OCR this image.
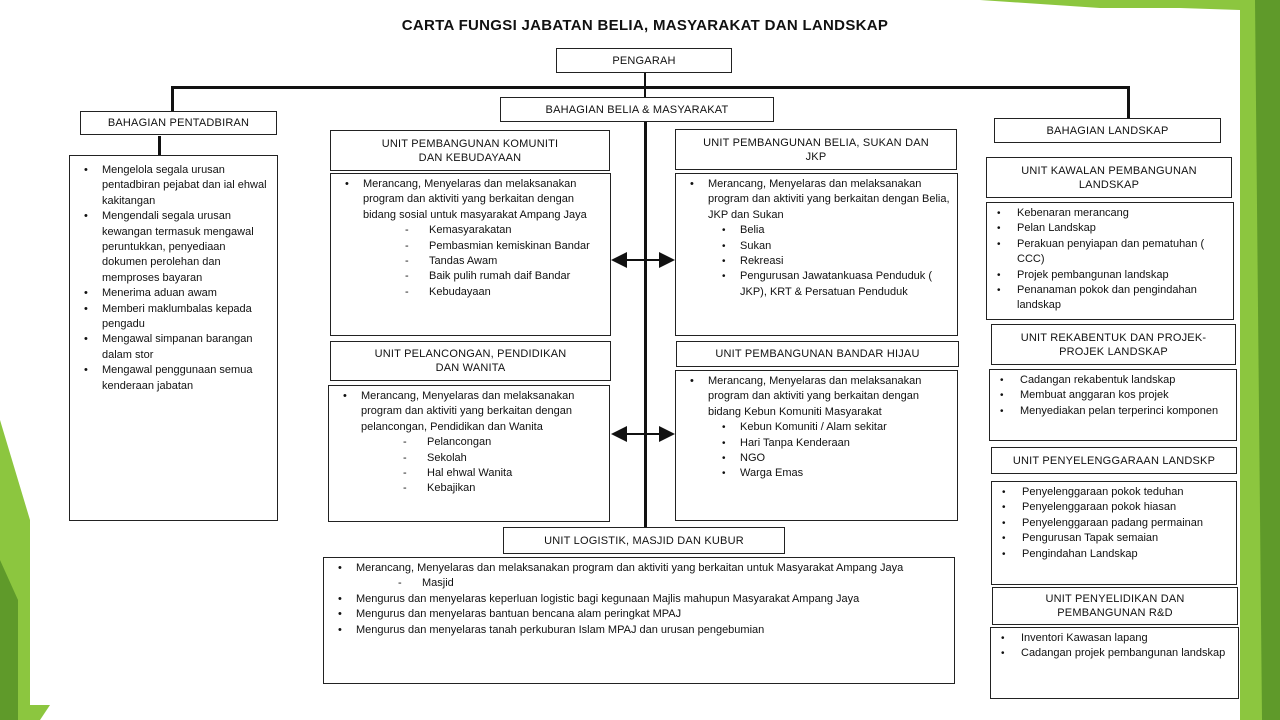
CARTA FUNGSI JABATAN BELIA, MASYARAKAT DAN LANDSKAP
PENGARAH
BAHAGIAN PENTADBIRAN
• Mengelola segala urusan pentadbiran pejabat dan ial ehwal kakitangan
• Mengendali segala urusan kewangan termasuk mengawal peruntukkan, penyediaan dokumen perolehan dan memproses bayaran
• Menerima aduan awam
• Memberi maklumbalas kepada pengadu
• Mengawal simpanan barangan dalam stor
• Mengawal penggunaan semua kenderaan jabatan
BAHAGIAN BELIA & MASYARAKAT
UNIT PEMBANGUNAN KOMUNITI DAN KEBUDAYAAN
• Merancang, Menyelaras dan melaksanakan program dan aktiviti yang berkaitan dengan bidang sosial untuk masyarakat Ampang Jaya
- Kemasyarakatan
- Pembasmian kemiskinan Bandar
- Tandas Awam
- Baik pulih rumah daif Bandar
- Kebudayaan
UNIT PEMBANGUNAN BELIA, SUKAN DAN JKP
• Merancang, Menyelaras dan melaksanakan program dan aktiviti yang berkaitan dengan Belia, JKP dan Sukan
• Belia
• Sukan
• Rekreasi
• Pengurusan Jawatankuasa Penduduk ( JKP), KRT & Persatuan Penduduk
UNIT PELANCONGAN, PENDIDIKAN DAN WANITA
• Merancang, Menyelaras dan melaksanakan program dan aktiviti yang berkaitan dengan pelancongan, Pendidikan dan Wanita
- Pelancongan
- Sekolah
- Hal ehwal Wanita
- Kebajikan
UNIT PEMBANGUNAN BANDAR HIJAU
• Merancang, Menyelaras dan melaksanakan program dan aktiviti yang berkaitan dengan bidang Kebun Komuniti Masyarakat
• Kebun Komuniti / Alam sekitar
• Hari Tanpa Kenderaan
• NGO
• Warga Emas
UNIT LOGISTIK, MASJID DAN KUBUR
• Merancang, Menyelaras dan melaksanakan program dan aktiviti yang berkaitan untuk Masyarakat Ampang Jaya
- Masjid
• Mengurus dan menyelaras keperluan logistic bagi kegunaan Majlis mahupun Masyarakat Ampang Jaya
• Mengurus dan menyelaras bantuan bencana alam peringkat MPAJ
• Mengurus dan menyelaras tanah perkuburan Islam MPAJ dan urusan pengebumian
BAHAGIAN LANDSKAP
UNIT KAWALAN PEMBANGUNAN LANDSKAP
• Kebenaran merancang
• Pelan Landskap
• Perakuan penyiapan dan pematuhan ( CCC)
• Projek pembangunan landskap
• Penanaman pokok dan pengindahan landskap
UNIT REKABENTUK DAN PROJEK-PROJEK LANDSKAP
• Cadangan rekabentuk landskap
• Membuat anggaran kos projek
• Menyediakan pelan terperinci komponen
UNIT PENYELENGGARAAN LANDSKP
• Penyelenggaraan pokok teduhan
• Penyelenggaraan pokok hiasan
• Penyelenggaraan padang permainan
• Pengurusan Tapak semaian
• Pengindahan Landskap
UNIT PENYELIDIKAN DAN PEMBANGUNAN R&D
• Inventori Kawasan lapang
• Cadangan projek pembangunan landskap
